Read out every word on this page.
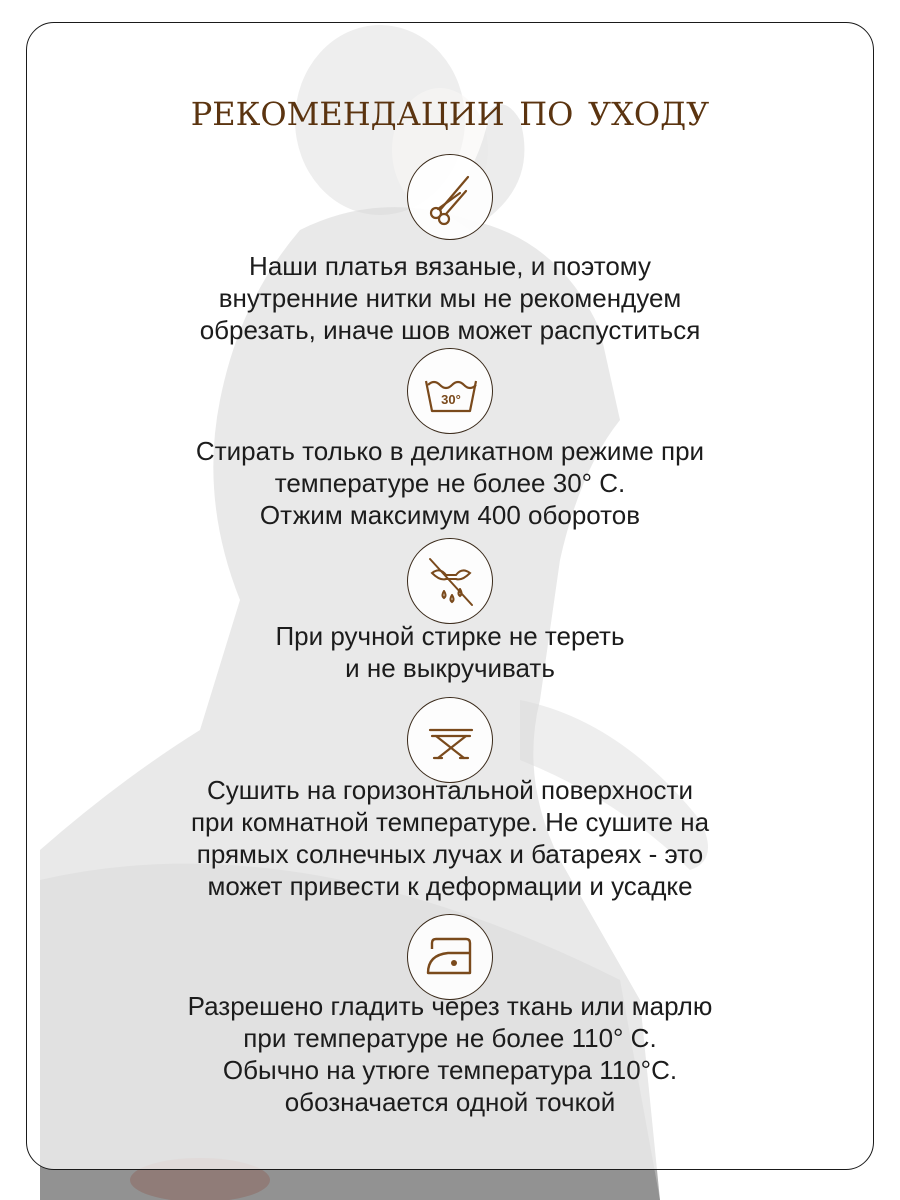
рекомендации по уходу
Наши платья вязаные, и поэтому
внутренние нитки мы не рекомендуем
обрезать, иначе шов может распуститься
30°
Стирать только в деликатном режиме при
температуре не более 30° С.
Отжим максимум 400 оборотов
При ручной стирке не тереть
и не выкручивать
Сушить на горизонтальной поверхности
при комнатной температуре. Не сушите на
прямых солнечных лучах и батареях - это
может привести к деформации и усадке
Разрешено гладить через ткань или марлю
при температуре не более 110° С.
Обычно на утюге температура 110°С.
обозначается одной точкой
